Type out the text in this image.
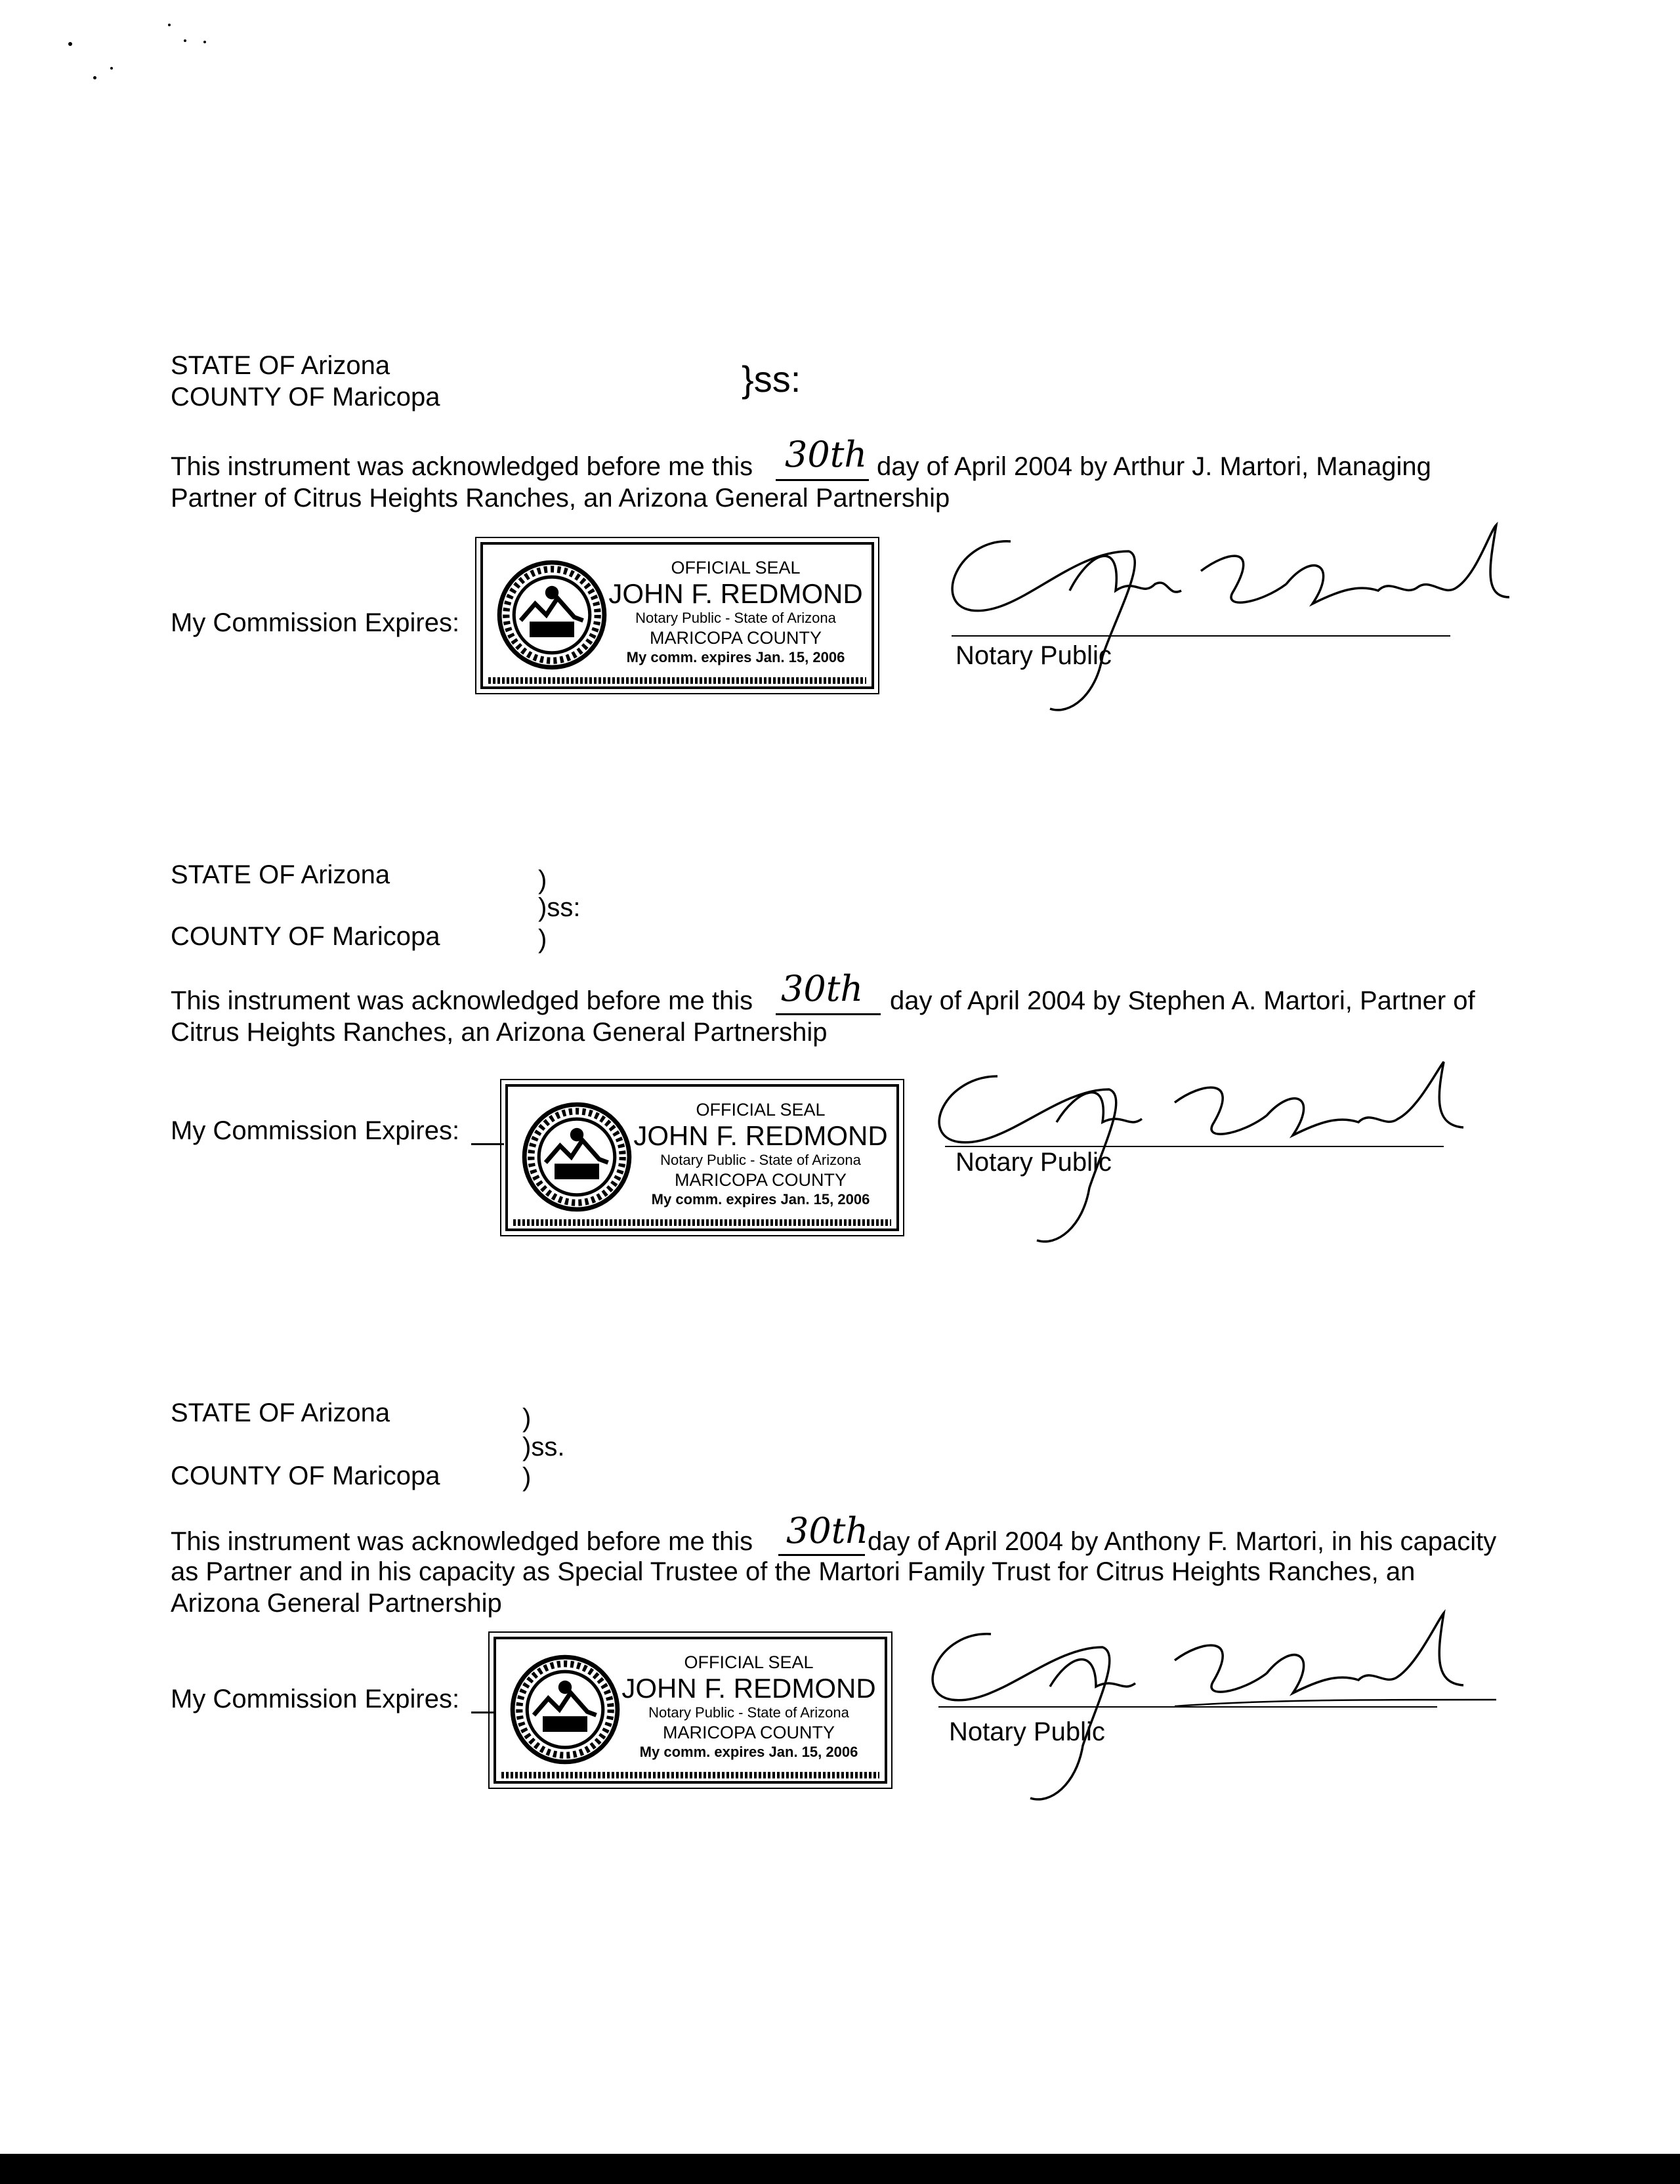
STATE OF Arizona
COUNTY OF Maricopa	}ss:
This instrument was acknowledged before me this 30th day of April 2004 by Arthur J. Martori, Managing
Partner of Citrus Heights Ranches, an Arizona General Partnership
My Commission Expires:
OFFICIAL SEAL
JOHN F. REDMOND
Notary Public - State of Arizona
MARICOPA COUNTY
My comm. expires Jan. 15, 2006	Notary Public
STATE OF Arizona	)
)ss:
)
COUNTY OF Maricopa
This instrument was acknowledged before me this 30th day of April 2004 by Stephen A. Martori, Partner of
Citrus Heights Ranches, an Arizona General Partnership
My Commission Expires:
OFFICIAL SEAL
JOHN F. REDMOND
Notary Public - State of Arizona
MARICOPA COUNTY
My comm. expires Jan. 15, 2006
Notary Public
STATE OF Arizona	)
)ss.
)
COUNTY OF Maricopa
This instrument was acknowledged before me this 30th
day of April 2004 by Anthony F. Martori, in his capacity
as Partner and in his capacity as Special Trustee of the Martori Family Trust for Citrus Heights Ranches, an
Arizona General Partnership
My Commission Expires:
OFFICIAL SEAL
JOHN F. REDMOND
Notary Public - State of Arizona
MARICOPA COUNTY
My comm. expires Jan. 15, 2006
Notary Public
